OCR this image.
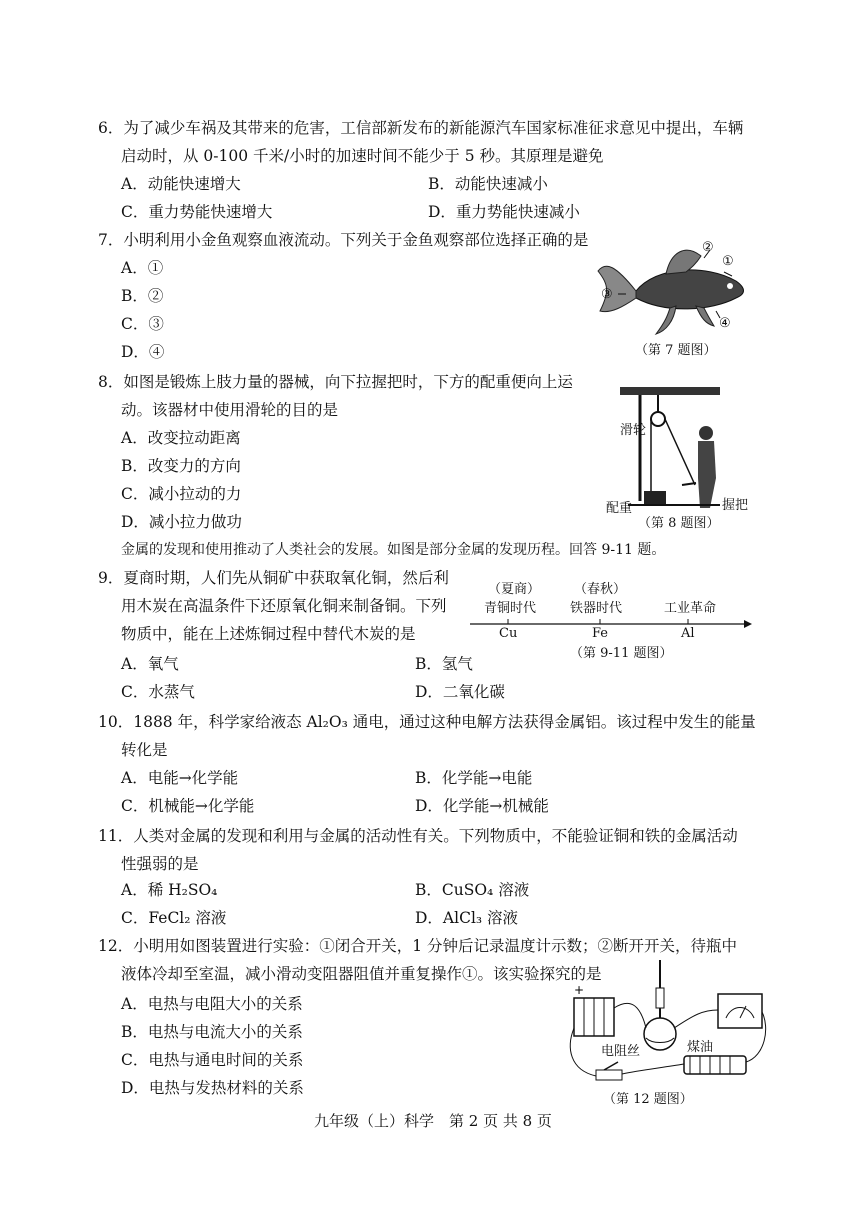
6．为了减少车祸及其带来的危害，工信部新发布的新能源汽车国家标准征求意见中提出，车辆
启动时，从 0-100 千米/小时的加速时间不能少于 5 秒。其原理是避免
A．动能快速增大	B．动能快速减小
C．重力势能快速增大	D．重力势能快速减小
7．小明利用小金鱼观察血液流动。下列关于金鱼观察部位选择正确的是
A．①
B．②
C．③
D．④
②
①
③
④
（第 7 题图）
8．如图是锻炼上肢力量的器械，向下拉握把时，下方的配重便向上运
动。该器材中使用滑轮的目的是
A．改变拉动距离
B．改变力的方向
C．减小拉动的力
D．减小拉力做功
滑轮
配重	握把
（第 8 题图）
金属的发现和使用推动了人类社会的发展。如图是部分金属的发现历程。回答 9-11 题。
9．夏商时期，人们先从铜矿中获取氧化铜，然后利
用木炭在高温条件下还原氧化铜来制备铜。下列
物质中，能在上述炼铜过程中替代木炭的是
A．氧气	B．氢气
C．水蒸气	D．二氧化碳
（夏商）
青铜时代
（春秋）
铁器时代	工业革命
Cu	Fe	Al
（第 9-11 题图）
10．1888 年，科学家给液态 Al₂O₃ 通电，通过这种电解方法获得金属铝。该过程中发生的能量
转化是
A．电能→化学能	B．化学能→电能
C．机械能→化学能	D．化学能→机械能
11．人类对金属的发现和利用与金属的活动性有关。下列物质中，不能验证铜和铁的金属活动
性强弱的是
A．稀 H₂SO₄	B．CuSO₄ 溶液
C．FeCl₂ 溶液	D．AlCl₃ 溶液
12．小明用如图装置进行实验：①闭合开关，1 分钟后记录温度计示数；②断开开关，待瓶中
液体冷却至室温，减小滑动变阻器阻值并重复操作①。该实验探究的是
A．电热与电阻大小的关系
B．电热与电流大小的关系
C．电热与通电时间的关系
D．电热与发热材料的关系
+
电阻丝	煤油
（第 12 题图）
九年级（上）科学　第 2 页 共 8 页
